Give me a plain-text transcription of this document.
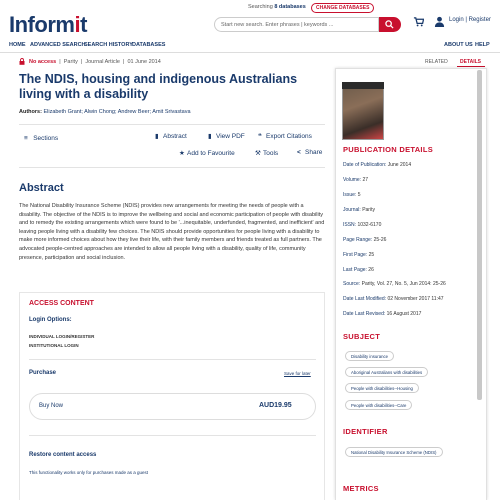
Informit
Searching 8 databases	CHANGE DATABASES
Start new search. Enter phrases | keywords ...
Login | Register
HOME ADVANCED SEARCH
SEARCH HISTORY DATABASES	ABOUT US HELP
No access  |  Parity  |  Journal Article  |  01 June 2014
The NDIS, housing and indigenous Australians living with a disability
Authors: Elizabeth Grant; Alwin Chong; Andrew Beer; Amit Srivastava
≡ Sections	▮ Abstract	▮ View PDF ❝ Export Citations
★ Add to Favourite	⚒ Tools	< Share
Abstract
The National Disability Insurance Scheme (NDIS) provides new arrangements for meeting the needs of people with a disability. The objective of the NDIS is to improve the wellbeing and social and economic participation of people with disability and to remedy the existing arrangements which were found to be '...inequitable, underfunded, fragmented, and inefficient' and leaving people living with a disability few choices. The NDIS should provide opportunities for people living with a disability to make more informed choices about how they live their life, with their family members and friends treated as full partners. The advocated people-centred approaches are intended to allow all people living with a disability, quality of life, community presence, participation and social inclusion.
ACCESS CONTENT
Login Options:
INDIVIDUAL LOGIN/REGISTER
INSTITUTIONAL LOGIN
Purchase	Save for later
Buy Now	AUD19.95
Restore content access
This functionality works only for purchases made as a guest
RELATED DETAILS
PUBLICATION DETAILS
Date of Publication: June 2014
Volume: 27
Issue: 5
Journal: Parity
ISSN: 1032-6170
Page Range: 25-26
First Page: 25
Last Page: 26
Source: Parity, Vol. 27, No. 5, Jun 2014: 25-26
Date Last Modified: 02 November 2017 11:47
Date Last Revised: 16 August 2017
SUBJECT
Disability insurance
Aboriginal Australians with disabilities
People with disabilities--Housing
People with disabilities--Care
IDENTIFIER
National Disability Insurance Scheme (NDIS)
METRICS
